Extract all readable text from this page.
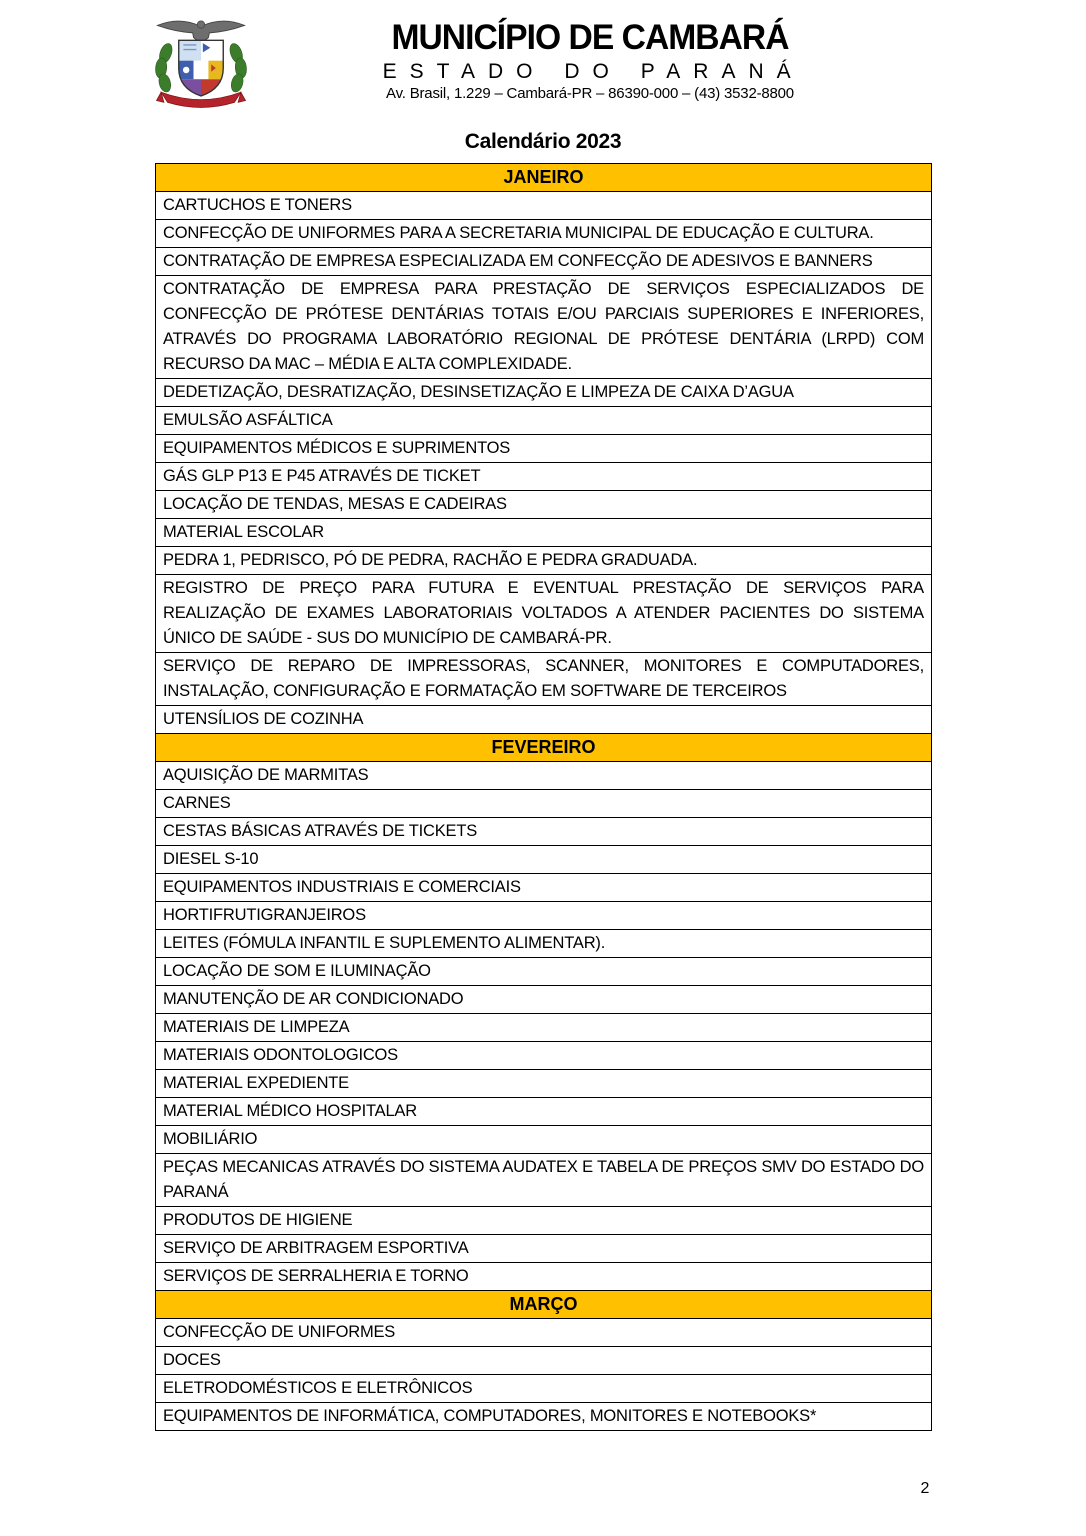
MUNICÍPIO DE CAMBARÁ
ESTADO DO PARANÁ
Av. Brasil, 1.229 – Cambará-PR – 86390-000 – (43) 3532-8800
Calendário 2023
JANEIRO
CARTUCHOS E TONERS
CONFECÇÃO DE UNIFORMES PARA A SECRETARIA MUNICIPAL DE EDUCAÇÃO E CULTURA.
CONTRATAÇÃO DE EMPRESA ESPECIALIZADA EM CONFECÇÃO DE ADESIVOS E BANNERS
CONTRATAÇÃO DE EMPRESA PARA PRESTAÇÃO DE SERVIÇOS ESPECIALIZADOS DE CONFECÇÃO DE PRÓTESE DENTÁRIAS TOTAIS E/OU PARCIAIS SUPERIORES E INFERIORES, ATRAVÉS DO PROGRAMA LABORATÓRIO REGIONAL DE PRÓTESE DENTÁRIA (LRPD) COM RECURSO DA MAC – MÉDIA E ALTA COMPLEXIDADE.
DEDETIZAÇÃO, DESRATIZAÇÃO, DESINSETIZAÇÃO E LIMPEZA DE CAIXA D’AGUA
EMULSÃO ASFÁLTICA
EQUIPAMENTOS MÉDICOS E SUPRIMENTOS
GÁS GLP P13 E P45 ATRAVÉS DE TICKET
LOCAÇÃO DE TENDAS, MESAS E CADEIRAS
MATERIAL ESCOLAR
PEDRA 1, PEDRISCO, PÓ DE PEDRA, RACHÃO E PEDRA GRADUADA.
REGISTRO DE PREÇO PARA FUTURA E EVENTUAL PRESTAÇÃO DE SERVIÇOS PARA REALIZAÇÃO DE EXAMES LABORATORIAIS VOLTADOS A ATENDER PACIENTES DO SISTEMA ÚNICO DE SAÚDE - SUS DO MUNICÍPIO DE CAMBARÁ-PR.
SERVIÇO DE REPARO DE IMPRESSORAS, SCANNER, MONITORES E COMPUTADORES, INSTALAÇÃO, CONFIGURAÇÃO E FORMATAÇÃO EM SOFTWARE DE TERCEIROS
UTENSÍLIOS DE COZINHA
FEVEREIRO
AQUISIÇÃO DE MARMITAS
CARNES
CESTAS BÁSICAS ATRAVÉS DE TICKETS
DIESEL S-10
EQUIPAMENTOS INDUSTRIAIS E COMERCIAIS
HORTIFRUTIGRANJEIROS
LEITES (FÓMULA INFANTIL E SUPLEMENTO ALIMENTAR).
LOCAÇÃO DE SOM E ILUMINAÇÃO
MANUTENÇÃO DE AR CONDICIONADO
MATERIAIS DE LIMPEZA
MATERIAIS ODONTOLOGICOS
MATERIAL EXPEDIENTE
MATERIAL MÉDICO HOSPITALAR
MOBILIÁRIO
PEÇAS MECANICAS ATRAVÉS DO SISTEMA AUDATEX E TABELA DE PREÇOS SMV DO ESTADO DO PARANÁ
PRODUTOS DE HIGIENE
SERVIÇO DE ARBITRAGEM ESPORTIVA
SERVIÇOS DE SERRALHERIA E TORNO
MARÇO
CONFECÇÃO DE UNIFORMES
DOCES
ELETRODOMÉSTICOS E ELETRÔNICOS
EQUIPAMENTOS DE INFORMÁTICA, COMPUTADORES, MONITORES E NOTEBOOKS*
2
